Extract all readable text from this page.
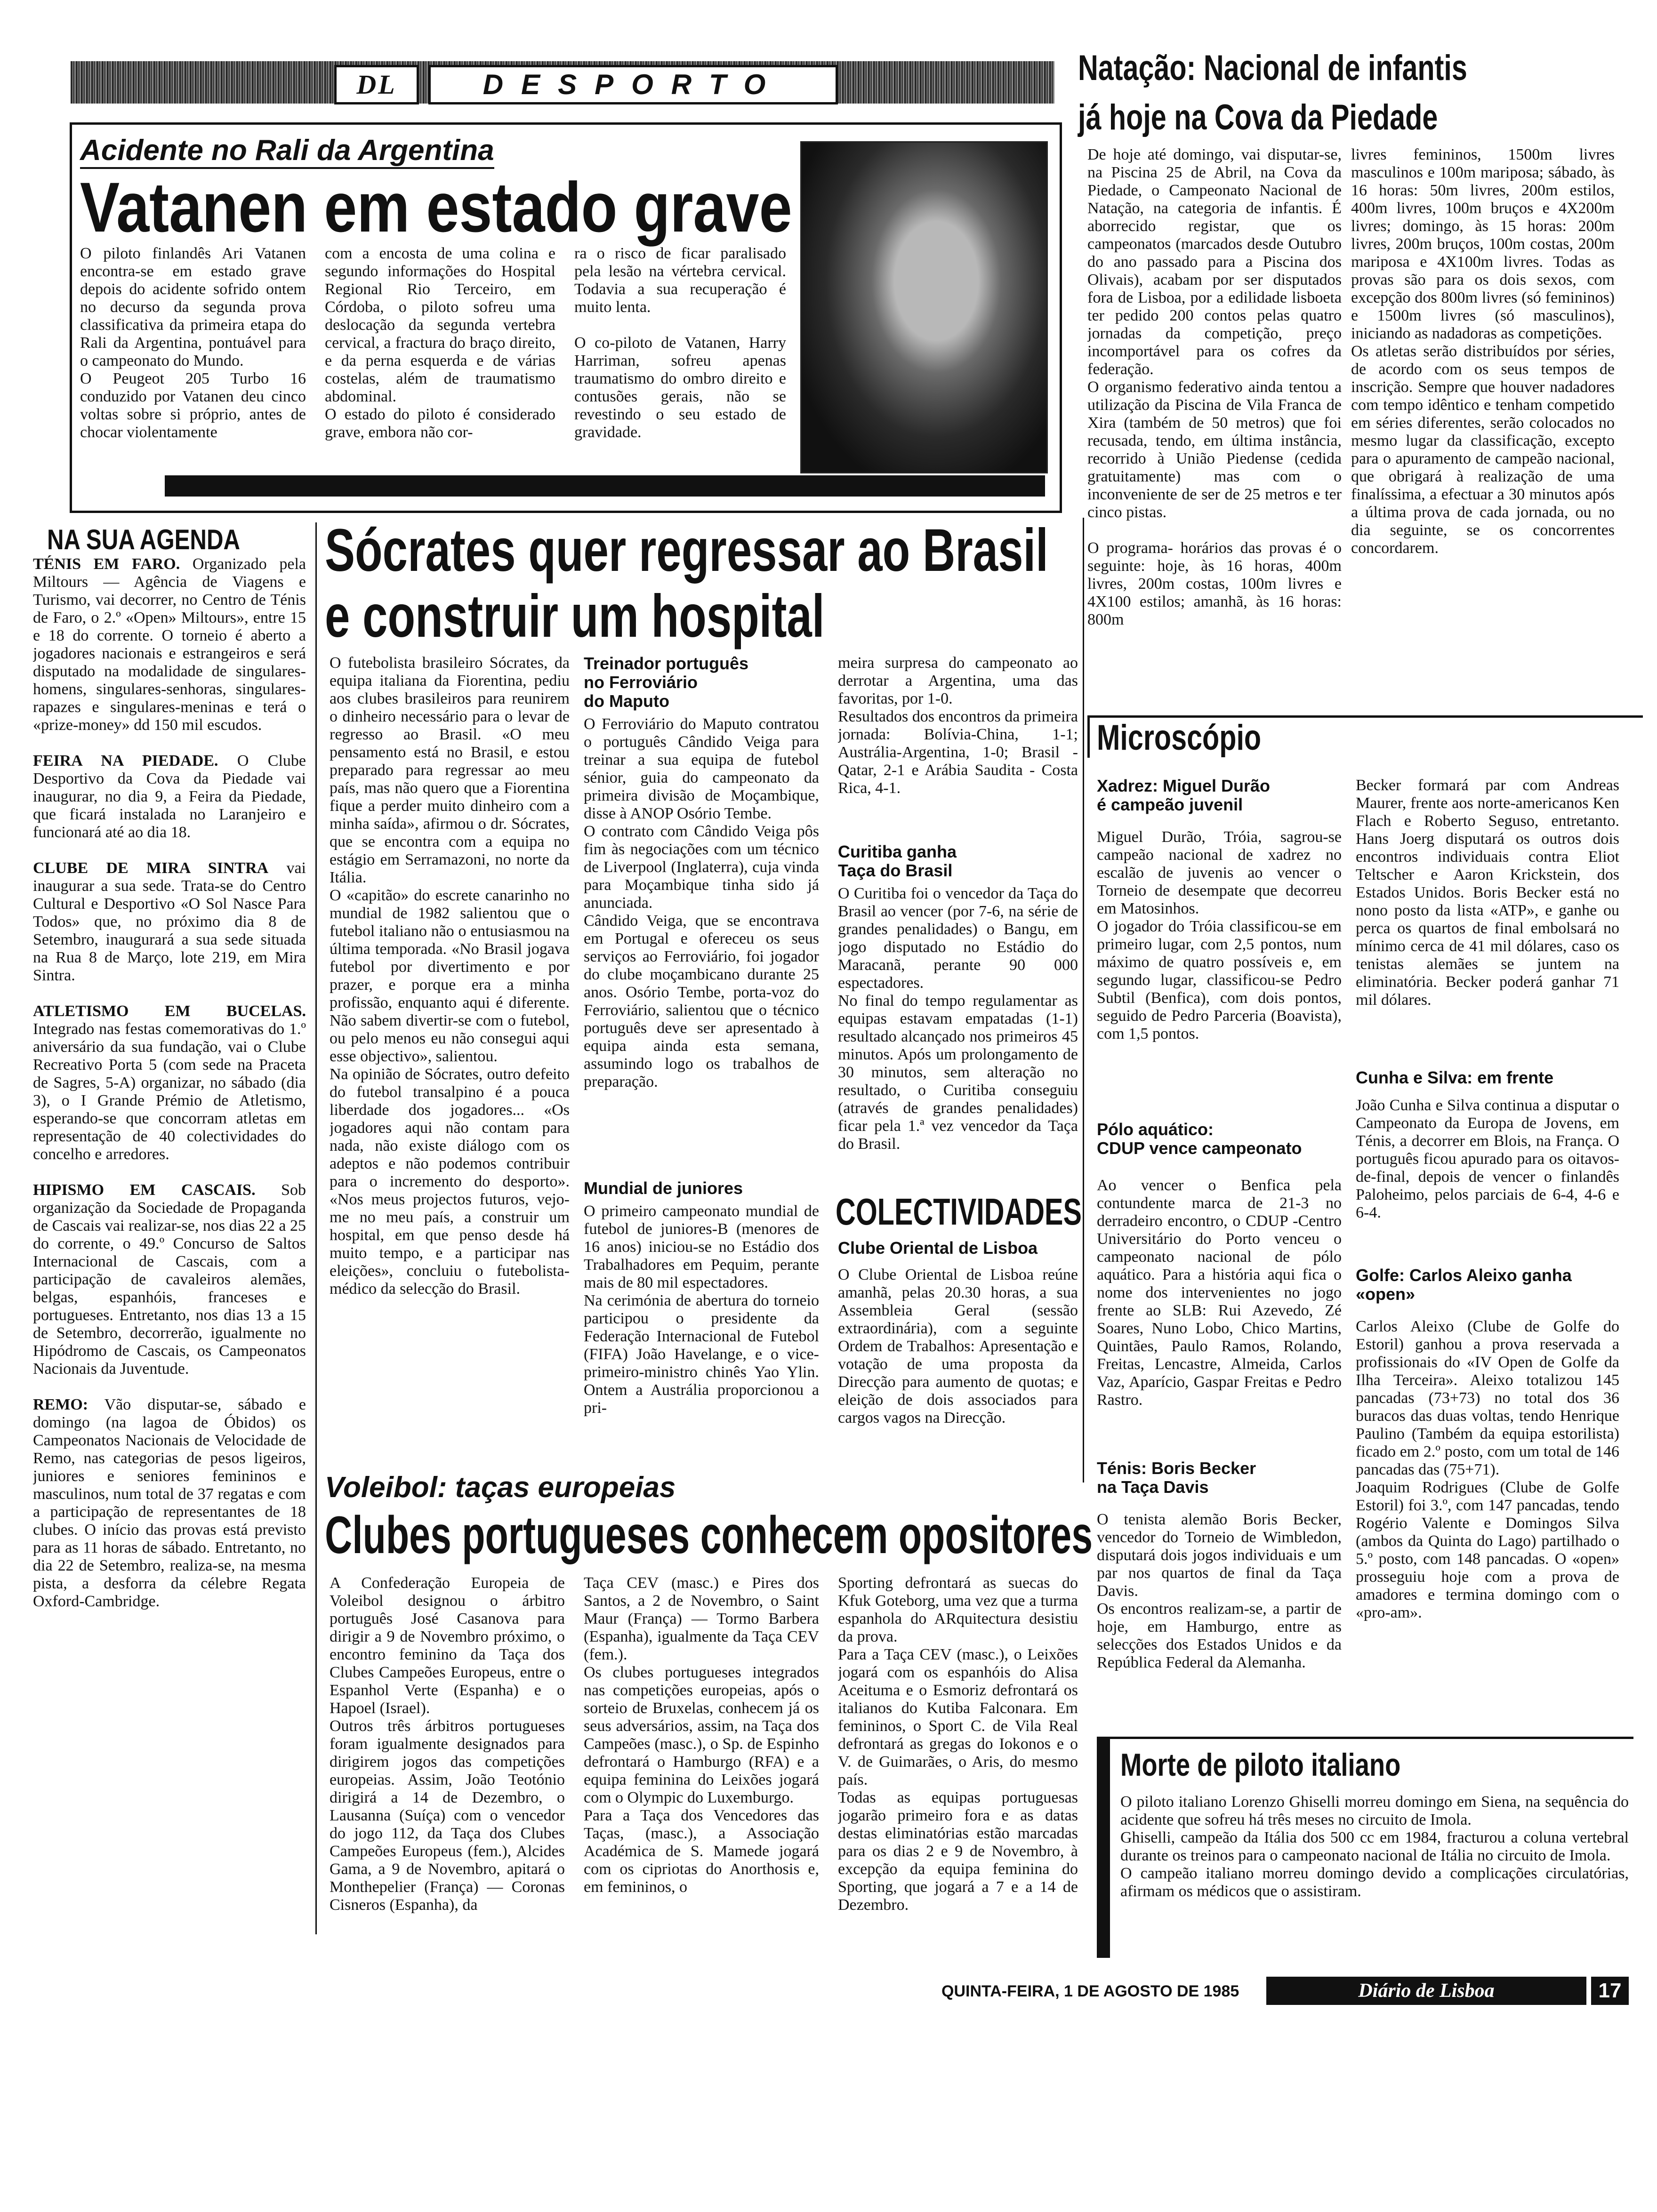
DL	DESPORTO
Acidente no Rali da Argentina
Vatanen em estado grave

O piloto finlandês Ari Vatanen encontra-se em estado grave depois do acidente sofrido ontem no decurso da segunda prova classificativa da primeira etapa do Rali da Argentina, pontuável para o campeonato do Mundo.
O Peugeot 205 Turbo 16 conduzido por Vatanen deu cinco voltas sobre si próprio, antes de chocar violentamente

com a encosta de uma colina e segundo informações do Hospital Regional Rio Terceiro, em Córdoba, o piloto sofreu uma deslocação da segunda vertebra cervical, a fractura do braço direito, e da perna esquerda e de várias costelas, além de traumatismo abdominal.
O estado do piloto é considerado grave, embora não cor-

ra o risco de ficar paralisado pela lesão na vértebra cervical. Todavia a sua recuperação é muito lenta.

O co-piloto de Vatanen, Harry Harriman, sofreu apenas traumatismo do ombro direito e contusões gerais, não se revestindo o seu estado de gravidade.

Natação: Nacional de infantis
já hoje na Cova da Piedade

De hoje até domingo, vai disputar-se, na Piscina 25 de Abril, na Cova da Piedade, o Campeonato Nacional de Natação, na categoria de infantis. É aborrecido registar, que os campeonatos (marcados desde Outubro do ano passado para a Piscina dos Olivais), acabam por ser disputados fora de Lisboa, por a edilidade lisboeta ter pedido 200 contos pelas quatro jornadas da competição, preço incomportável para os cofres da federação.
O organismo federativo ainda tentou a utilização da Piscina de Vila Franca de Xira (também de 50 metros) que foi recusada, tendo, em última instância, recorrido à União Piedense (cedida gratuitamente) mas com o inconveniente de ser de 25 metros e ter cinco pistas.

O programa- horários das provas é o seguinte: hoje, às 16 horas, 400m livres, 200m costas, 100m livres e 4X100 estilos; amanhã, às 16 horas: 800m

livres femininos, 1500m livres masculinos e 100m mariposa; sábado, às 16 horas: 50m livres, 200m estilos, 400m livres, 100m bruços e 4X200m livres; domingo, às 15 horas: 200m livres, 200m bruços, 100m costas, 200m mariposa e 4X100m livres. Todas as provas são para os dois sexos, com excepção dos 800m livres (só femininos) e 1500m livres (só masculinos), iniciando as nadadoras as competições.
Os atletas serão distribuídos por séries, de acordo com os seus tempos de inscrição. Sempre que houver nadadores com tempo idêntico e tenham competido em séries diferentes, serão colocados no mesmo lugar da classificação, excepto para o apuramento de campeão nacional, que obrigará à realização de uma finalíssima, a efectuar a 30 minutos após a última prova de cada jornada, ou no dia seguinte, se os concorrentes concordarem.

NA SUA AGENDA

TÉNIS EM FARO. Organizado pela Miltours — Agência de Viagens e Turismo, vai decorrer, no Centro de Ténis de Faro, o 2.º «Open» Miltours», entre 15 e 18 do corrente. O torneio é aberto a jogadores nacionais e estrangeiros e será disputado na modalidade de singulares-homens, singulares-senhoras, singulares-rapazes e singulares-meninas e terá o «prize-money» dd 150 mil escudos.

FEIRA NA PIEDADE. O Clube Desportivo da Cova da Piedade vai inaugurar, no dia 9, a Feira da Piedade, que ficará instalada no Laranjeiro e funcionará até ao dia 18.

CLUBE DE MIRA SINTRA vai inaugurar a sua sede. Trata-se do Centro Cultural e Desportivo «O Sol Nasce Para Todos» que, no próximo dia 8 de Setembro, inaugurará a sua sede situada na Rua 8 de Março, lote 219, em Mira Sintra.

ATLETISMO EM BUCELAS. Integrado nas festas comemorativas do 1.º aniversário da sua fundação, vai o Clube Recreativo Porta 5 (com sede na Praceta de Sagres, 5-A) organizar, no sábado (dia 3), o I Grande Prémio de Atletismo, esperando-se que concorram atletas em representação de 40 colectividades do concelho e arredores.

HIPISMO EM CASCAIS. Sob organização da Sociedade de Propaganda de Cascais vai realizar-se, nos dias 22 a 25 do corrente, o 49.º Concurso de Saltos Internacional de Cascais, com a participação de cavaleiros alemães, belgas, espanhóis, franceses e portugueses. Entretanto, nos dias 13 a 15 de Setembro, decorrerão, igualmente no Hipódromo de Cascais, os Campeonatos Nacionais da Juventude.

REMO: Vão disputar-se, sábado e domingo (na lagoa de Óbidos) os Campeonatos Nacionais de Velocidade de Remo, nas categorias de pesos ligeiros, juniores e seniores femininos e masculinos, num total de 37 regatas e com a participação de representantes de 18 clubes. O início das provas está previsto para as 11 horas de sábado. Entretanto, no dia 22 de Setembro, realiza-se, na mesma pista, a desforra da célebre Regata Oxford-Cambridge.

Sócrates quer regressar ao Brasil
e construir um hospital

O futebolista brasileiro Sócrates, da equipa italiana da Fiorentina, pediu aos clubes brasileiros para reunirem o dinheiro necessário para o levar de regresso ao Brasil. «O meu pensamento está no Brasil, e estou preparado para regressar ao meu país, mas não quero que a Fiorentina fique a perder muito dinheiro com a minha saída», afirmou o dr. Sócrates, que se encontra com a equipa no estágio em Serramazoni, no norte da Itália.
O «capitão» do escrete canarinho no mundial de 1982 salientou que o futebol italiano não o entusiasmou na última temporada. «No Brasil jogava futebol por divertimento e por prazer, e porque era a minha profissão, enquanto aqui é diferente. Não sabem divertir-se com o futebol, ou pelo menos eu não consegui aqui esse objectivo», salientou.
Na opinião de Sócrates, outro defeito do futebol transalpino é a pouca liberdade dos jogadores... «Os jogadores aqui não contam para nada, não existe diálogo com os adeptos e não podemos contribuir para o incremento do desporto». «Nos meus projectos futuros, vejo-me no meu país, a construir um hospital, em que penso desde há muito tempo, e a participar nas eleições», concluiu o futebolista-médico da selecção do Brasil.

Treinador português
no Ferroviário
do Maputo

O Ferroviário do Maputo contratou o português Cândido Veiga para treinar a sua equipa de futebol sénior, guia do campeonato da primeira divisão de Moçambique, disse à ANOP Osório Tembe.
O contrato com Cândido Veiga pôs fim às negociações com um técnico de Liverpool (Inglaterra), cuja vinda para Moçambique tinha sido já anunciada.
Cândido Veiga, que se encontrava em Portugal e ofereceu os seus serviços ao Ferroviário, foi jogador do clube moçambicano durante 25 anos. Osório Tembe, porta-voz do Ferroviário, salientou que o técnico português deve ser apresentado à equipa ainda esta semana, assumindo logo os trabalhos de preparação.

Mundial de juniores

O primeiro campeonato mundial de futebol de juniores-B (menores de 16 anos) iniciou-se no Estádio dos Trabalhadores em Pequim, perante mais de 80 mil espectadores.
Na cerimónia de abertura do torneio participou o presidente da Federação Internacional de Futebol (FIFA) João Havelange, e o vice-primeiro-ministro chinês Yao Ylin. Ontem a Austrália proporcionou a pri-

meira surpresa do campeonato ao derrotar a Argentina, uma das favoritas, por 1-0.
Resultados dos encontros da primeira jornada: Bolívia-China, 1-1; Austrália-Argentina, 1-0; Brasil - Qatar, 2-1 e Arábia Saudita - Costa Rica, 4-1.

Curitiba ganha
Taça do Brasil

O Curitiba foi o vencedor da Taça do Brasil ao vencer (por 7-6, na série de grandes penalidades) o Bangu, em jogo disputado no Estádio do Maracanã, perante 90 000 espectadores.
No final do tempo regulamentar as equipas estavam empatadas (1-1) resultado alcançado nos primeiros 45 minutos. Após um prolongamento de 30 minutos, sem alteração no resultado, o Curitiba conseguiu (através de grandes penalidades) ficar pela 1.ª vez vencedor da Taça do Brasil.

COLECTIVIDADES
Clube Oriental de Lisboa

O Clube Oriental de Lisboa reúne amanhã, pelas 20.30 horas, a sua Assembleia Geral (sessão extraordinária), com a seguinte Ordem de Trabalhos: Apresentação e votação de uma proposta da Direcção para aumento de quotas; e eleição de dois associados para cargos vagos na Direcção.

Microscópio
Xadrez: Miguel Durão
é campeão juvenil

Miguel Durão, Tróia, sagrou-se campeão nacional de xadrez no escalão de juvenis ao vencer o Torneio de desempate que decorreu em Matosinhos.
O jogador do Tróia classificou-se em primeiro lugar, com 2,5 pontos, num máximo de quatro possíveis e, em segundo lugar, classificou-se Pedro Subtil (Benfica), com dois pontos, seguido de Pedro Parceria (Boavista), com 1,5 pontos.

Pólo aquático:
CDUP vence campeonato

Ao vencer o Benfica pela contundente marca de 21-3 no derradeiro encontro, o CDUP -Centro Universitário do Porto venceu o campeonato nacional de pólo aquático. Para a história aqui fica o nome dos intervenientes no jogo frente ao SLB: Rui Azevedo, Zé Soares, Nuno Lobo, Chico Martins, Quintães, Paulo Ramos, Rolando, Freitas, Lencastre, Almeida, Carlos Vaz, Aparício, Gaspar Freitas e Pedro Rastro.

Ténis: Boris Becker
na Taça Davis

O tenista alemão Boris Becker, vencedor do Torneio de Wimbledon, disputará dois jogos individuais e um par nos quartos de final da Taça Davis.
Os encontros realizam-se, a partir de hoje, em Hamburgo, entre as selecções dos Estados Unidos e da República Federal da Alemanha.

Becker formará par com Andreas Maurer, frente aos norte-americanos Ken Flach e Roberto Seguso, entretanto. Hans Joerg disputará os outros dois encontros individuais contra Eliot Teltscher e Aaron Krickstein, dos Estados Unidos. Boris Becker está no nono posto da lista «ATP», e ganhe ou perca os quartos de final embolsará no mínimo cerca de 41 mil dólares, caso os tenistas alemães se juntem na eliminatória. Becker poderá ganhar 71 mil dólares.

Cunha e Silva: em frente

João Cunha e Silva continua a disputar o Campeonato da Europa de Jovens, em Ténis, a decorrer em Blois, na França. O português ficou apurado para os oitavos-de-final, depois de vencer o finlandês Paloheimo, pelos parciais de 6-4, 4-6 e 6-4.

Golfe: Carlos Aleixo ganha
«open»

Carlos Aleixo (Clube de Golfe do Estoril) ganhou a prova reservada a profissionais do «IV Open de Golfe da Ilha Terceira». Aleixo totalizou 145 pancadas (73+73) no total dos 36 buracos das duas voltas, tendo Henrique Paulino (Também da equipa estorilista) ficado em 2.º posto, com um total de 146 pancadas das (75+71).
Joaquim Rodrigues (Clube de Golfe Estoril) foi 3.º, com 147 pancadas, tendo Rogério Valente e Domingos Silva (ambos da Quinta do Lago) partilhado o 5.º posto, com 148 pancadas. O «open» prosseguiu hoje com a prova de amadores e termina domingo com o «pro-am».

Voleibol: taças europeias
Clubes portugueses conhecem opositores

A Confederação Europeia de Voleibol designou o árbitro português José Casanova para dirigir a 9 de Novembro próximo, o encontro feminino da Taça dos Clubes Campeões Europeus, entre o Espanhol Verte (Espanha) e o Hapoel (Israel).
Outros três árbitros portugueses foram igualmente designados para dirigirem jogos das competições europeias. Assim, João Teotónio dirigirá a 14 de Dezembro, o Lausanna (Suíça) com o vencedor do jogo 112, da Taça dos Clubes Campeões Europeus (fem.), Alcides Gama, a 9 de Novembro, apitará o Monthepelier (França) — Coronas Cisneros (Espanha), da

Taça CEV (masc.) e Pires dos Santos, a 2 de Novembro, o Saint Maur (França) — Tormo Barbera (Espanha), igualmente da Taça CEV (fem.).
Os clubes portugueses integrados nas competições europeias, após o sorteio de Bruxelas, conhecem já os seus adversários, assim, na Taça dos Campeões (masc.), o Sp. de Espinho defrontará o Hamburgo (RFA) e a equipa feminina do Leixões jogará com o Olympic do Luxemburgo.
Para a Taça dos Vencedores das Taças, (masc.), a Associação Académica de S. Mamede jogará com os cipriotas do Anorthosis e, em femininos, o

Sporting defrontará as suecas do Kfuk Goteborg, uma vez que a turma espanhola do ARquitectura desistiu da prova.
Para a Taça CEV (masc.), o Leixões jogará com os espanhóis do Alisa Aceituma e o Esmoriz defrontará os italianos do Kutiba Falconara. Em femininos, o Sport C. de Vila Real defrontará as gregas do Iokonos e o V. de Guimarães, o Aris, do mesmo país.
Todas as equipas portuguesas jogarão primeiro fora e as datas destas eliminatórias estão marcadas para os dias 2 e 9 de Novembro, à excepção da equipa feminina do Sporting, que jogará a 7 e a 14 de Dezembro.

Morte de piloto italiano

O piloto italiano Lorenzo Ghiselli morreu domingo em Siena, na sequência do acidente que sofreu há três meses no circuito de Imola.
Ghiselli, campeão da Itália dos 500 cc em 1984, fracturou a coluna vertebral durante os treinos para o campeonato nacional de Itália no circuito de Imola.
O campeão italiano morreu domingo devido a complicações circulatórias, afirmam os médicos que o assistiram.

QUINTA-FEIRA, 1 DE AGOSTO DE 1985	Diário de Lisboa	17
